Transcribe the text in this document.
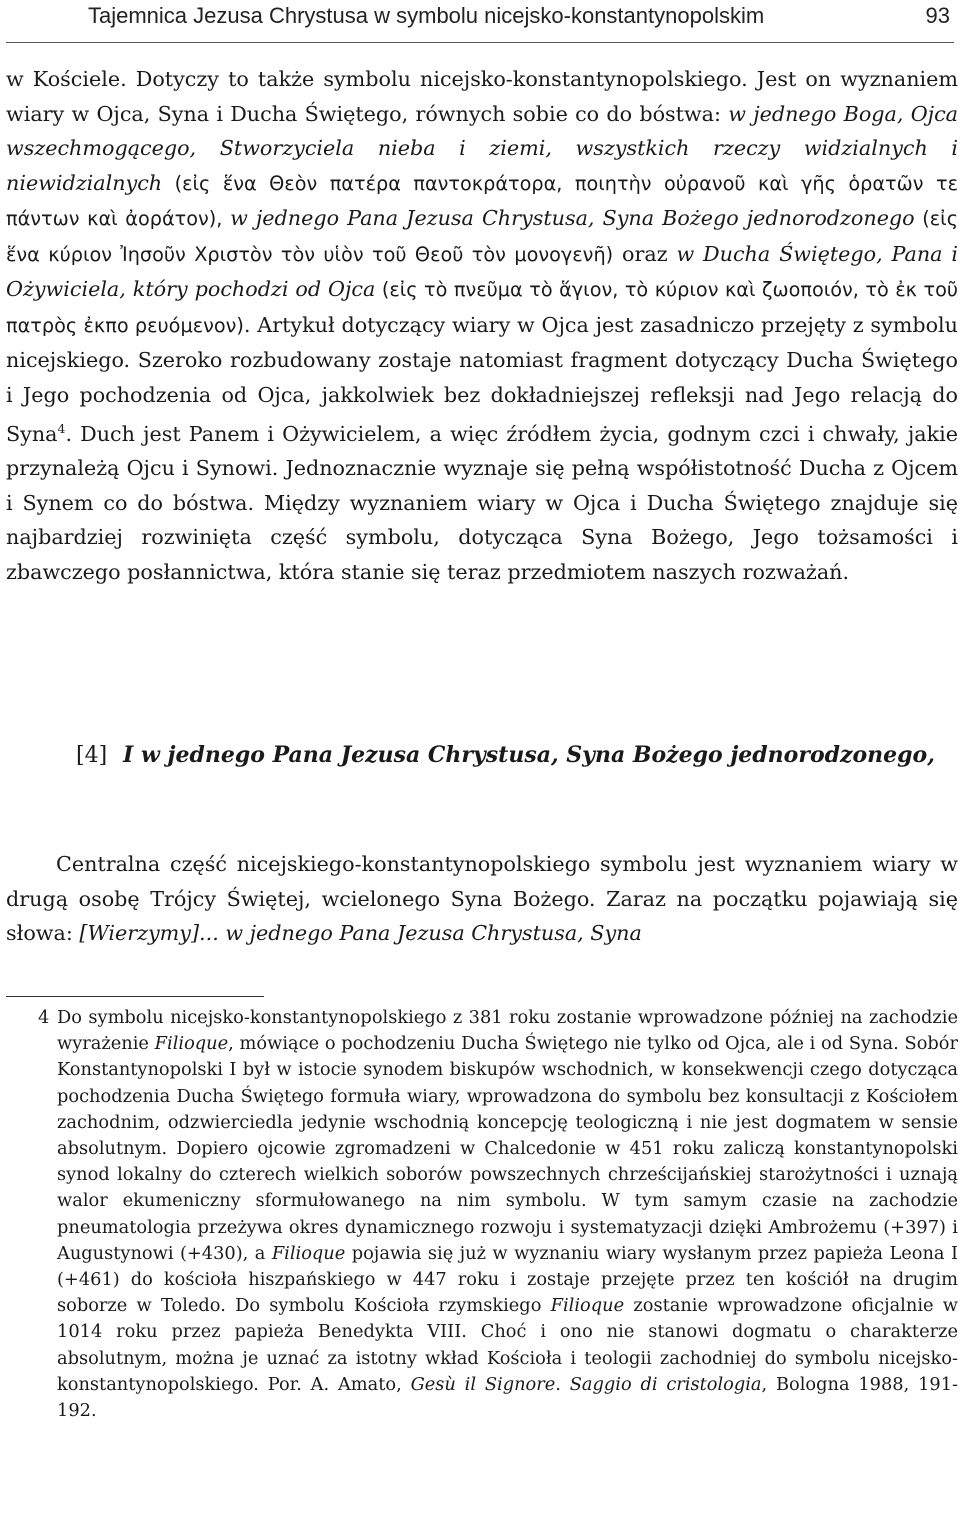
Tajemnica Jezusa Chrystusa w symbolu nicejsko-konstantynopolskim	93

w Kościele. Dotyczy to także symbolu nicejsko-konstantynopolskiego. Jest on wyznaniem wiary w Ojca, Syna i Ducha Świętego, równych sobie co do bóstwa: w jednego Boga, Ojca wszechmogącego, Stworzyciela nieba i ziemi, wszystkich rzeczy widzialnych i niewidzialnych (εἰς ἕνα Θεὸν πατέρα παντοκράτορα, ποιητὴν οὐρανοῦ καὶ γῆς ὁρατῶν τε πάντων καὶ ἀοράτον), w jednego Pana Jezusa Chrystusa, Syna Bożego jednorodzonego (εἰς ἕνα κύριον Ἰησοῦν Χριστὸν τὸν υἱὸν τοῦ Θεοῦ τὸν μονογενῆ) oraz w Ducha Świętego, Pana i Ożywiciela, który pochodzi od Ojca (εἰς τὸ πνεῦμα τὸ ἅγιον, τὸ κύριον καὶ ζωοποιόν, τὸ ἐκ τοῦ πατρὸς ἐκπο ρευόμενον). Artykuł dotyczący wiary w Ojca jest zasadniczo przejęty z symbolu nicejskiego. Szeroko rozbudowany zostaje natomiast fragment dotyczący Ducha Świętego i Jego pochodzenia od Ojca, jakkolwiek bez dokładniejszej refleksji nad Jego relacją do Syna$^4$. Duch jest Panem i Ożywicielem, a więc źródłem życia, godnym czci i chwały, jakie przynależą Ojcu i Synowi. Jednoznacznie wyznaje się pełną współistotność Ducha z Ojcem i Synem co do bóstwa. Między wyznaniem wiary w Ojca i Ducha Świętego znajduje się najbardziej rozwinięta część symbolu, dotycząca Syna Bożego, Jego tożsamości i zbawczego posłannictwa, która stanie się teraz przedmiotem naszych rozważań.

[4] I w jednego Pana Jezusa Chrystusa, Syna Bożego jednorodzonego,
Centralna część nicejskiego-konstantynopolskiego symbolu jest wyznaniem wiary w drugą osobę Trójcy Świętej, wcielonego Syna Bożego. Zaraz na początku pojawiają się słowa: [Wierzymy]... w jednego Pana Jezusa Chrystusa, Syna
4 Do symbolu nicejsko-konstantynopolskiego z 381 roku zostanie wprowadzone później na zachodzie wyrażenie Filioque, mówiące o pochodzeniu Ducha Świętego nie tylko od Ojca, ale i od Syna. Sobór Konstantynopolski I był w istocie synodem biskupów wschodnich, w konsekwencji czego dotycząca pochodzenia Ducha Świętego formuła wiary, wprowadzona do symbolu bez konsultacji z Kościołem zachodnim, odzwierciedla jedynie wschodnią koncepcję teologiczną i nie jest dogmatem w sensie absolutnym. Dopiero ojcowie zgromadzeni w Chalcedonie w 451 roku zaliczą konstantynopolski synod lokalny do czterech wielkich soborów powszechnych chrześcijańskiej starożytności i uznają walor ekumeniczny sformułowanego na nim symbolu. W tym samym czasie na zachodzie pneumatologia przeżywa okres dynamicznego rozwoju i systematyzacji dzięki Ambrożemu (+397) i Augustynowi (+430), a Filioque pojawia się już w wyznaniu wiary wysłanym przez papieża Leona I (+461) do kościoła hiszpańskiego w 447 roku i zostaje przejęte przez ten kościół na drugim soborze w Toledo. Do symbolu Kościoła rzymskiego Filioque zostanie wprowadzone oficjalnie w 1014 roku przez papieża Benedykta VIII. Choć i ono nie stanowi dogmatu o charakterze absolutnym, można je uznać za istotny wkład Kościoła i teologii zachodniej do symbolu nicejsko-konstantynopolskiego. Por. A. Amato, Gesù il Signore. Saggio di cristologia, Bologna 1988, 191-192.
